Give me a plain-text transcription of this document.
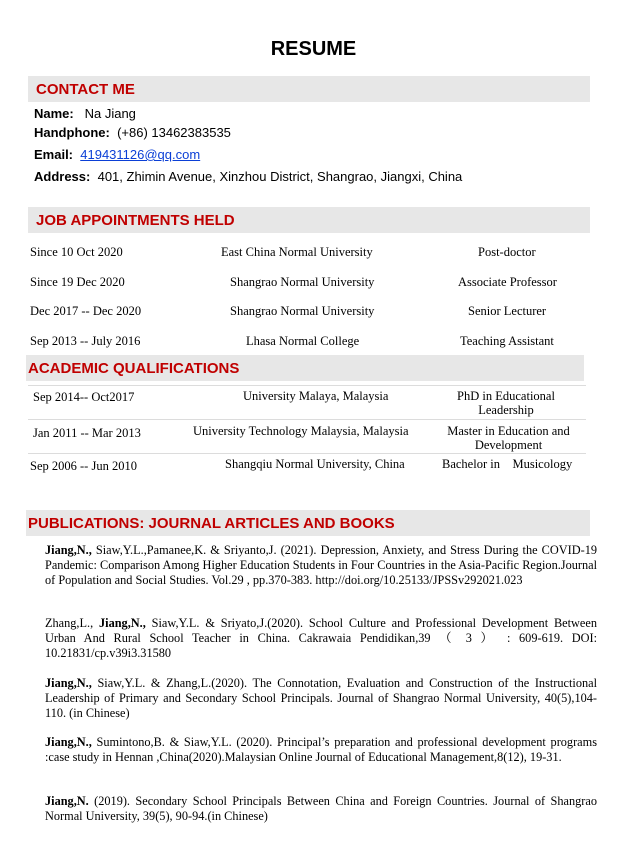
RESUME
CONTACT ME
Name: Na Jiang
Handphone: (+86) 13462383535
Email: 419431126@qq.com
Address: 401, Zhimin Avenue, Xinzhou District, Shangrao, Jiangxi, China
JOB APPOINTMENTS HELD
Since 10 Oct 2020	East China Normal University	Post-doctor
Since 19 Dec 2020	Shangrao Normal University	Associate Professor
Dec 2017 -- Dec 2020	Shangrao Normal University	Senior Lecturer
Sep 2013 -- July 2016	Lhasa Normal College	Teaching Assistant
ACADEMIC QUALIFICATIONS
Sep 2014-- Oct2017	University Malaya, Malaysia	PhD in Educational
Leadership
Jan 2011 -- Mar 2013	University Technology Malaysia, Malaysia	Master in Education and
Development
Sep 2006 -- Jun 2010	Shangqiu Normal University, China	Bachelor in    Musicology
PUBLICATIONS: JOURNAL ARTICLES AND BOOKS
Jiang,N., Siaw,Y.L.,Pamanee,K. & Sriyanto,J. (2021). Depression, Anxiety, and Stress During the COVID-19 Pandemic: Comparison Among Higher Education Students in Four Countries in the Asia-Pacific Region.Journal of Population and Social Studies. Vol.29 , pp.370-383. http://doi.org/10.25133/JPSSv292021.023
Zhang,L., Jiang,N., Siaw,Y.L. & Sriyato,J.(2020). School Culture and Professional Development Between Urban And Rural School Teacher in China. Cakrawaia Pendidikan,39 （ 3 ） : 609-619. DOI: 10.21831/cp.v39i3.31580
Jiang,N., Siaw,Y.L. & Zhang,L.(2020). The Connotation, Evaluation and Construction of the Instructional Leadership of Primary and Secondary School Principals. Journal of Shangrao Normal University, 40(5),104-110. (in Chinese)
Jiang,N., Sumintono,B. & Siaw,Y.L. (2020). Principal’s preparation and professional development programs :case study in Hennan ,China(2020).Malaysian Online Journal of Educational Management,8(12), 19-31.
Jiang,N. (2019). Secondary School Principals Between China and Foreign Countries. Journal of Shangrao Normal University, 39(5), 90-94.(in Chinese)
